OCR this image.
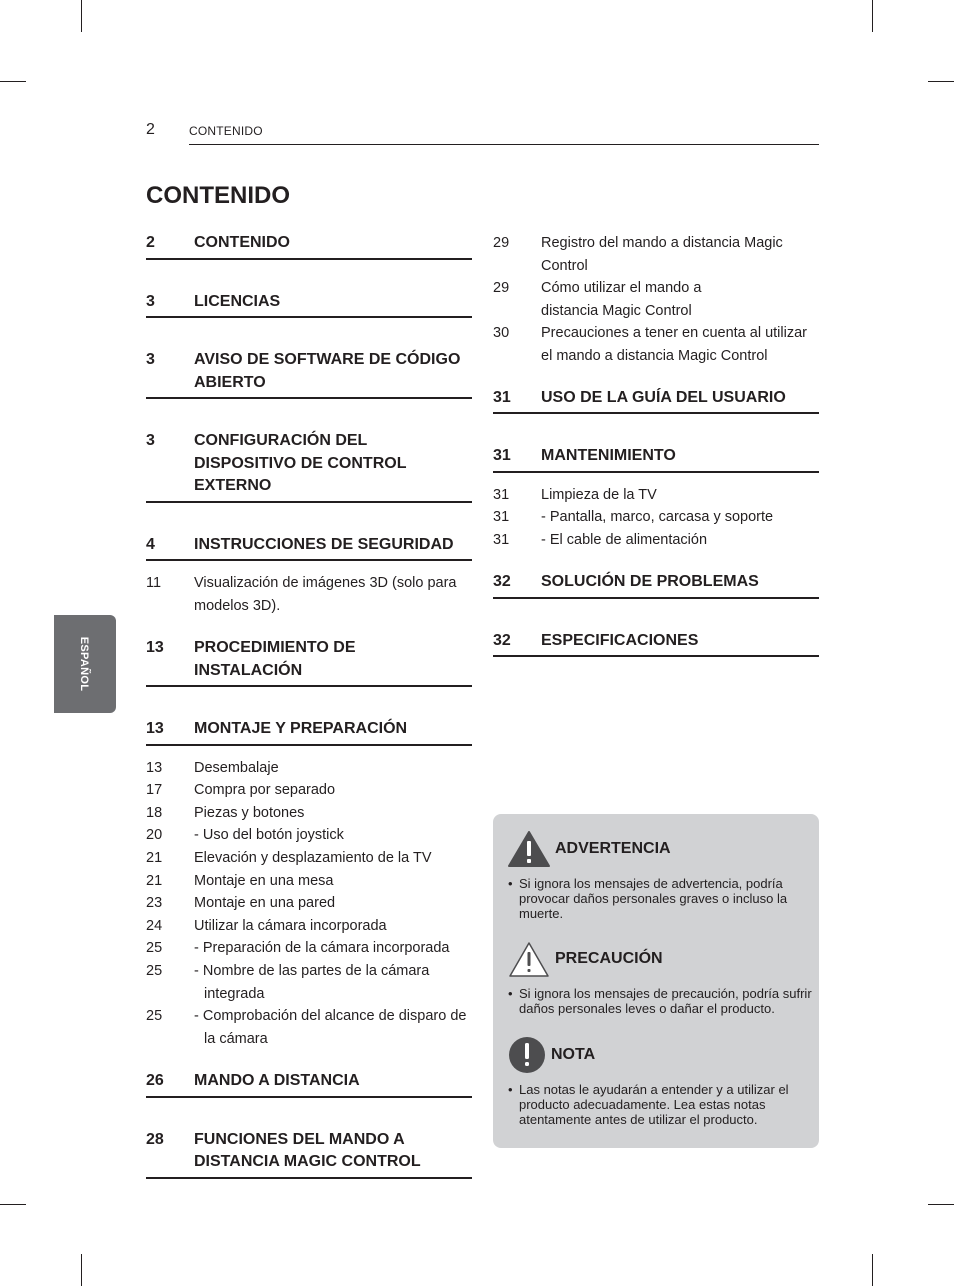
2	CONTENIDO
CONTENIDO
ESPAÑOL
2	CONTENIDO
3	LICENCIAS
3	AVISO DE SOFTWARE DE CÓDIGO ABIERTO
3	CONFIGURACIÓN DEL DISPOSITIVO DE CONTROL EXTERNO
4	INSTRUCCIONES DE SEGURIDAD
11	Visualización de imágenes 3D (solo para modelos 3D).
13	PROCEDIMIENTO DE INSTALACIÓN
13	MONTAJE Y PREPARACIÓN
13	Desembalaje
17	Compra por separado
18	Piezas y botones
20	- Uso del botón joystick
21	Elevación y desplazamiento de la TV
21	Montaje en una mesa
23	Montaje en una pared
24	Utilizar la cámara incorporada
25	- Preparación de la cámara incorporada
25	- Nombre de las partes de la cámara integrada
25	- Comprobación del alcance de disparo de la cámara
26	MANDO A DISTANCIA
28	FUNCIONES DEL MANDO A DISTANCIA MAGIC CONTROL
29	Registro del mando a distancia Magic Control
29	Cómo utilizar el mando a distancia Magic Control
30	Precauciones a tener en cuenta al utilizar el mando a distancia Magic Control
31	USO DE LA GUÍA DEL USUARIO
31	MANTENIMIENTO
31	Limpieza de la TV
31	- Pantalla, marco, carcasa y soporte
31	- El cable de alimentación
32	SOLUCIÓN DE PROBLEMAS
32	ESPECIFICACIONES
ADVERTENCIA
• Si ignora los mensajes de advertencia, podría provocar daños personales graves o incluso la muerte.
PRECAUCIÓN
• Si ignora los mensajes de precaución, podría sufrir daños personales leves o dañar el producto.
NOTA
• Las notas le ayudarán a entender y a utilizar el producto adecuadamente. Lea estas notas atentamente antes de utilizar el producto.
